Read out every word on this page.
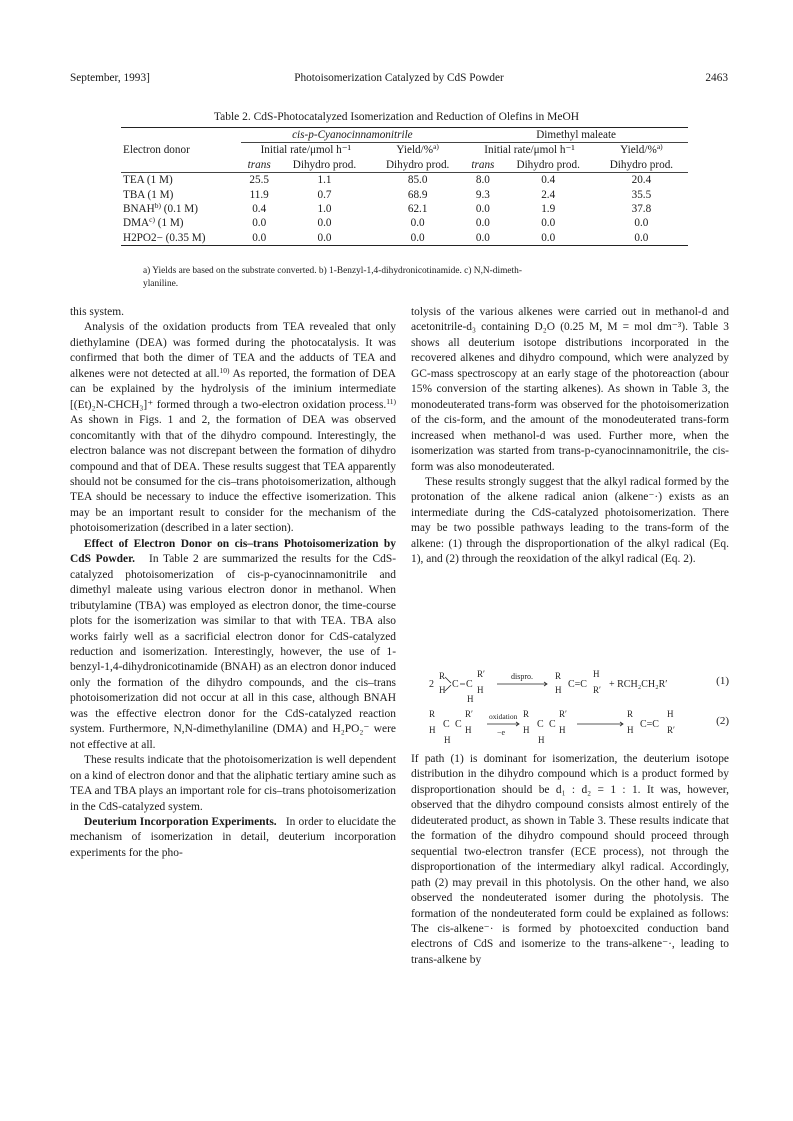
September, 1993]	Photoisomerization Catalyzed by CdS Powder	2463
Table 2. CdS-Photocatalyzed Isomerization and Reduction of Olefins in MeOH
Electron donor	cis-p-Cyanocinnamonitrile			Dimethyl maleate		
	Initial rate/μmol h⁻¹		Yield/%$^{a)}$	Initial rate/μmol h⁻¹		Yield/%$^{a)}$
	trans	Dihydro prod.	Dihydro prod.	trans	Dihydro prod.	Dihydro prod.
TEA (1 M)	25.5	1.1	85.0	8.0	0.4	20.4
TBA (1 M)	11.9	0.7	68.9	9.3	2.4	35.5
BNAH$^{b)}$ (0.1 M)	0.4	1.0	62.1	0.0	1.9	37.8
DMA$^{c)}$ (1 M)	0.0	0.0	0.0	0.0	0.0	0.0
H2PO2− (0.35 M)	0.0	0.0	0.0	0.0	0.0	0.0
a) Yields are based on the substrate converted. b) 1-Benzyl-1,4-dihydronicotinamide. c) N,N-dimeth-
ylaniline.

this system.

Analysis of the oxidation products from TEA revealed that only diethylamine (DEA) was formed during the photocatalysis. It was confirmed that both the dimer of TEA and the adducts of TEA and alkenes were not detected at all.$^{10)}$ As reported, the formation of DEA can be explained by the hydrolysis of the iminium intermediate [(Et)₂N-CHCH₃]⁺ formed through a two-electron oxidation process.$^{11)}$ As shown in Figs. 1 and 2, the formation of DEA was observed concomitantly with that of the dihydro compound. Interestingly, the electron balance was not discrepant between the formation of dihydro compound and that of DEA. These results suggest that TEA apparently should not be consumed for the cis–trans photoisomerization, although TEA should be necessary to induce the effective isomerization. This may be an important result to consider for the mechanism of the photoisomerization (described in a later section).

Effect of Electron Donor on cis–trans Photoisomerization by CdS Powder. In Table 2 are summarized the results for the CdS-catalyzed photoisomerization of cis-p-cyanocinnamonitrile and dimethyl maleate using various electron donor in methanol. When tributylamine (TBA) was employed as electron donor, the time-course plots for the isomerization was similar to that with TEA. TBA also works fairly well as a sacrificial electron donor for CdS-catalyzed reduction and isomerization. Interestingly, however, the use of 1-benzyl-1,4-dihydronicotinamide (BNAH) as an electron donor induced only the formation of the dihydro compounds, and the cis–trans photoisomerization did not occur at all in this case, although BNAH was the effective electron donor for the CdS-catalyzed reaction system. Furthermore, N,N-dimethylaniline (DMA) and H₂PO₂⁻ were not effective at all.

These results indicate that the photoisomerization is well dependent on a kind of electron donor and that the aliphatic tertiary amine such as TEA and TBA plays an important role for cis–trans photoisomerization in the CdS-catalyzed system.

Deuterium Incorporation Experiments. In order to elucidate the mechanism of isomerization in detail, deuterium incorporation experiments for the pho-

tolysis of the various alkenes were carried out in methanol-d and acetonitrile-d₃ containing D₂O (0.25 M, M = mol dm⁻³). Table 3 shows all deuterium isotope distributions incorporated in the recovered alkenes and dihydro compound, which were analyzed by GC-mass spectroscopy at an early stage of the photoreaction (abour 15% conversion of the starting alkenes). As shown in Table 3, the monodeuterated trans-form was observed for the photoisomerization of the cis-form, and the amount of the monodeuterated trans-form increased when methanol-d was used. Further more, when the isomerization was started from trans-p-cyanocinnamonitrile, the cis-form was also monodeuterated.

These results strongly suggest that the alkyl radical formed by the protonation of the alkene radical anion (alkene⁻·) exists as an intermediate during the CdS-catalyzed photoisomerization. There may be two possible pathways leading to the trans-form of the alkene: (1) through the disproportionation of the alkyl radical (Eq. 1), and (2) through the reoxidation of the alkyl radical (Eq. 2).

2
R
H C C
R′
H
H
dispro. R
H C=C
H
R′ + RCH₂CH₂R′	(1)
R
H C C
R′
H
H
oxidation
−e
R
H C C
R′
H
H
R
H C=C
H
R′
(2)

If path (1) is dominant for isomerization, the deuterium isotope distribution in the dihydro compound which is a product formed by disproportionation should be d₁ : d₂ = 1 : 1. It was, however, observed that the dihydro compound consists almost entirely of the dideuterated product, as shown in Table 3. These results indicate that the formation of the dihydro compound should proceed through sequential two-electron transfer (ECE process), not through the disproportionation of the intermediary alkyl radical. Accordingly, path (2) may prevail in this photolysis. On the other hand, we also observed the nondeuterated isomer during the photolysis. The formation of the nondeuterated form could be explained as follows: The cis-alkene⁻· is formed by photoexcited conduction band electrons of CdS and isomerize to the trans-alkene⁻·, leading to trans-alkene by
